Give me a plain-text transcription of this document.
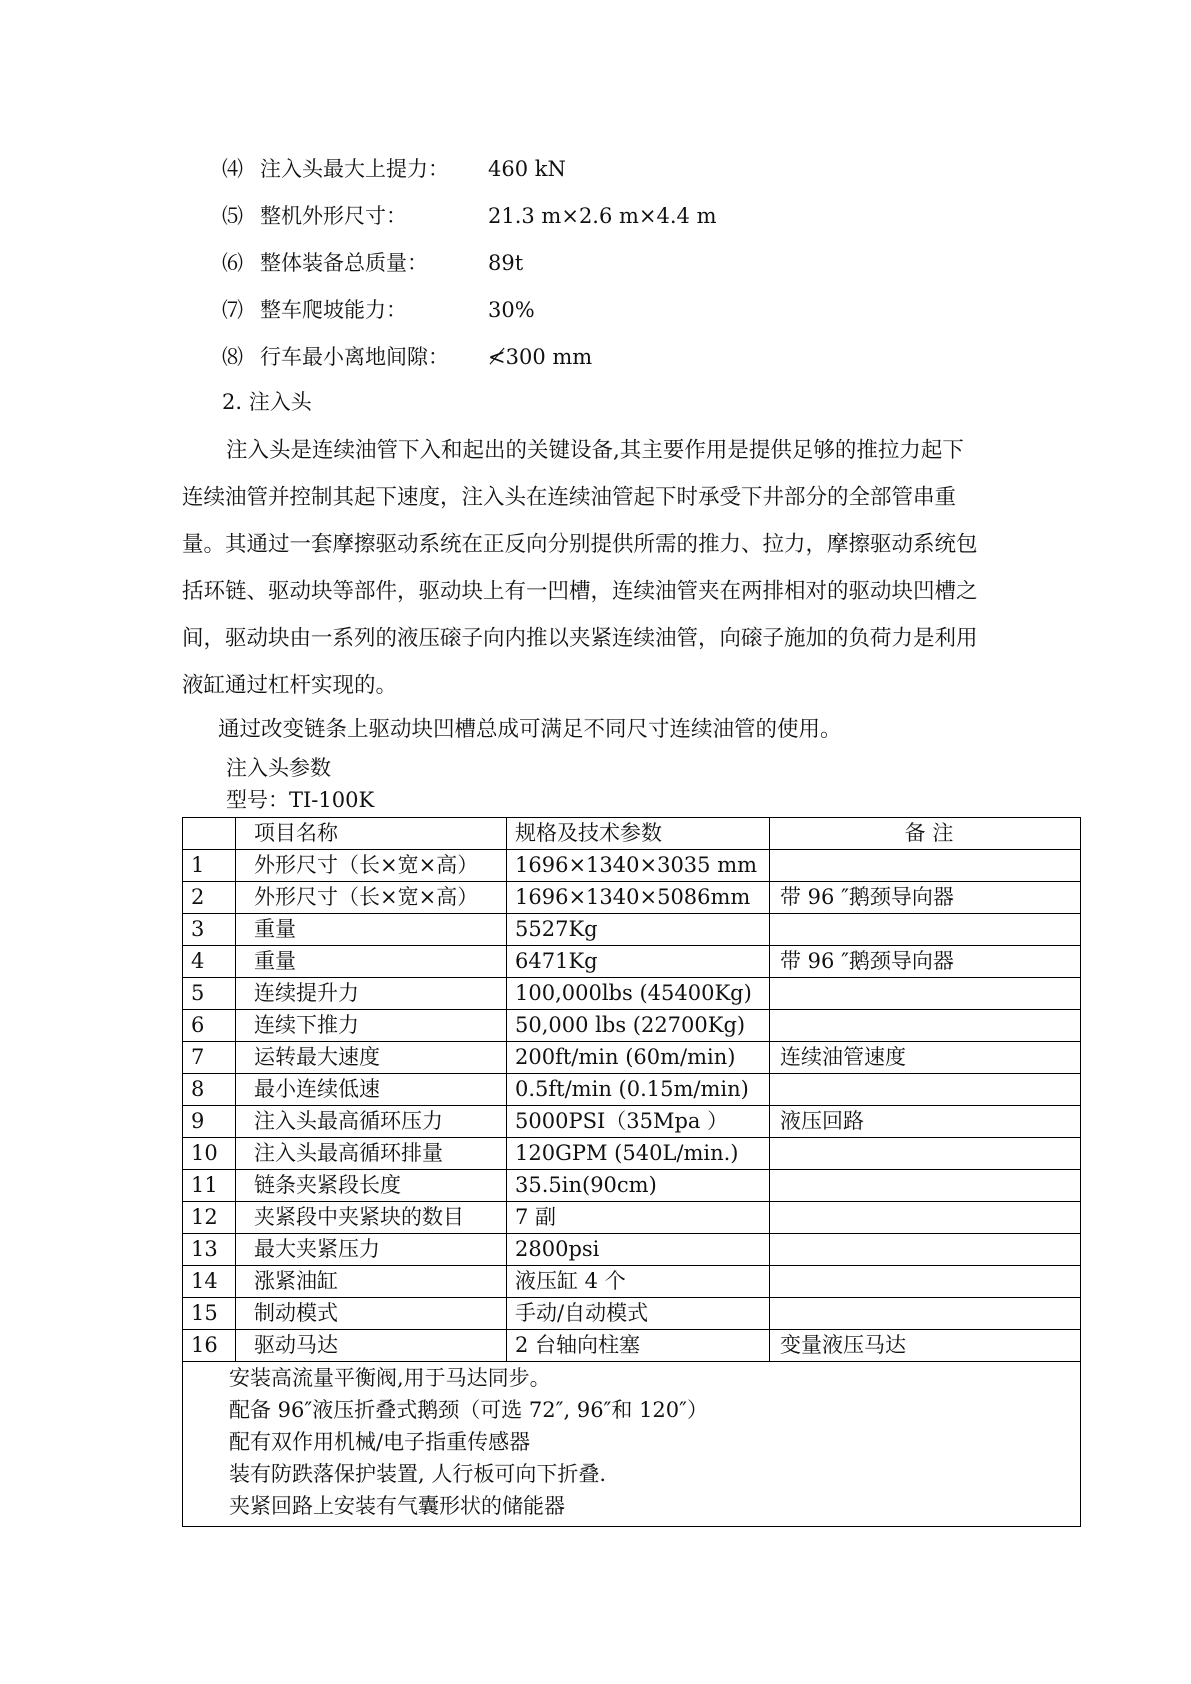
⑷ 注入头最大上提力： 460 kN
⑸ 整机外形尺寸：	21.3 m×2.6 m×4.4 m
⑹ 整体装备总质量：	89t
⑺ 整车爬坡能力：	30%
⑻ 行车最小离地间隙： ≮300 mm
2. 注入头
注入头是连续油管下入和起出的关键设备,其主要作用是提供足够的推拉力起下
连续油管并控制其起下速度，注入头在连续油管起下时承受下井部分的全部管串重
量。其通过一套摩擦驱动系统在正反向分别提供所需的推力、拉力，摩擦驱动系统包
括环链、驱动块等部件，驱动块上有一凹槽，连续油管夹在两排相对的驱动块凹槽之
间，驱动块由一系列的液压磙子向内推以夹紧连续油管，向磙子施加的负荷力是利用
液缸通过杠杆实现的。
通过改变链条上驱动块凹槽总成可满足不同尺寸连续油管的使用。
注入头参数
型号：TI-100K
	项目名称	规格及技术参数	备 注
1	外形尺寸（长×宽×高）	1696×1340×3035 mm	
2	外形尺寸（长×宽×高）	1696×1340×5086mm	带 96 ″鹅颈导向器
3	重量	5527Kg	
4	重量	6471Kg	带 96 ″鹅颈导向器
5	连续提升力	100,000lbs (45400Kg)	
6	连续下推力	50,000 lbs (22700Kg)	
7	运转最大速度	200ft/min (60m/min)	连续油管速度
8	最小连续低速	0.5ft/min (0.15m/min)	
9	注入头最高循环压力	5000PSI（35Mpa ）	液压回路
10	注入头最高循环排量	120GPM (540L/min.)	
11	链条夹紧段长度	35.5in(90cm)	
12	夹紧段中夹紧块的数目	7 副	
13	最大夹紧压力	2800psi	
14	涨紧油缸	液压缸 4 个	
15	制动模式	手动/自动模式	
16	驱动马达	2 台轴向柱塞	变量液压马达

安装高流量平衡阀,用于马达同步。
配备 96″液压折叠式鹅颈（可选 72″, 96″和 120″）
配有双作用机械/电子指重传感器
装有防跌落保护装置, 人行板可向下折叠.
夹紧回路上安装有气囊形状的储能器			
